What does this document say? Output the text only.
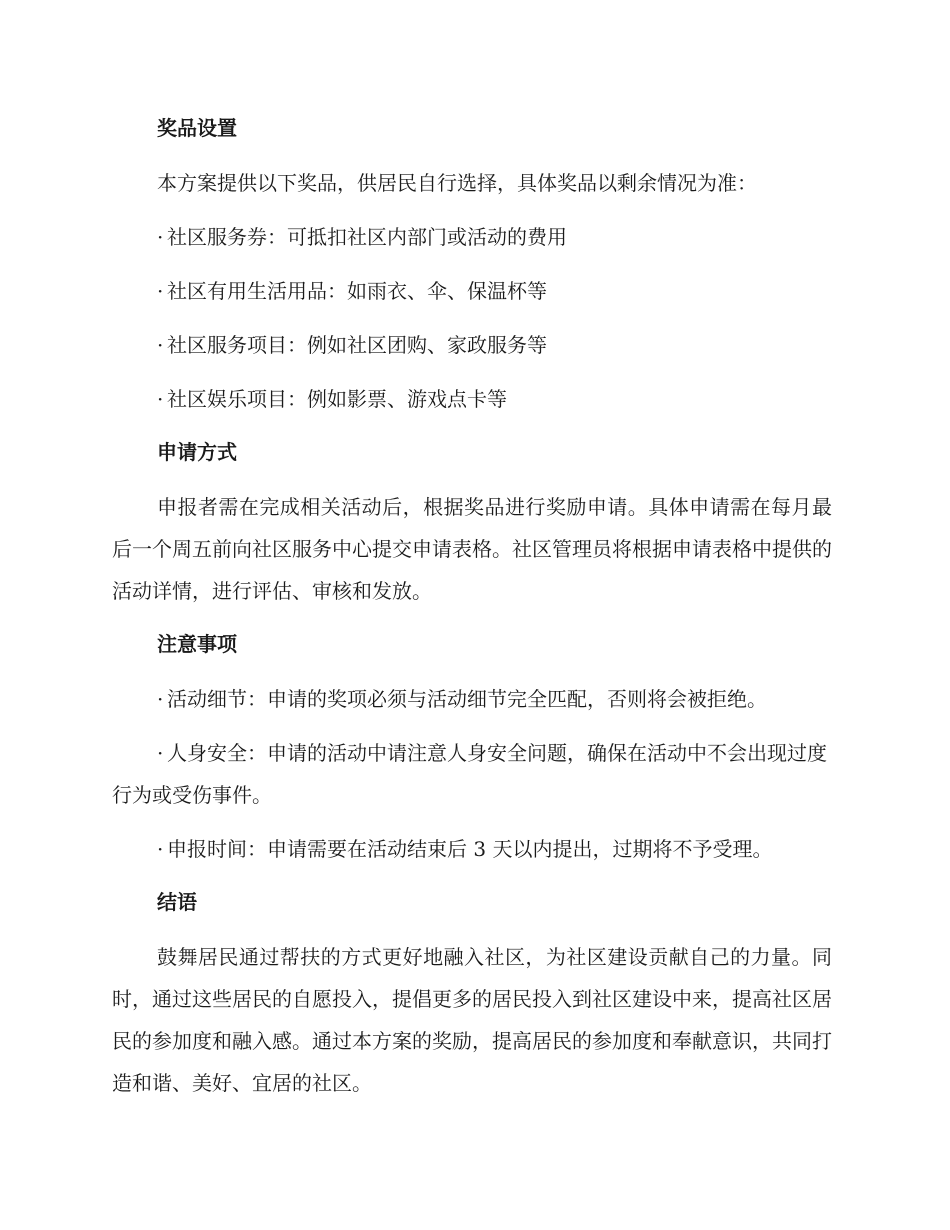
奖品设置
本方案提供以下奖品，供居民自行选择，具体奖品以剩余情况为准：
· 社区服务券：可抵扣社区内部门或活动的费用
· 社区有用生活用品：如雨衣、伞、保温杯等
· 社区服务项目：例如社区团购、家政服务等
· 社区娱乐项目：例如影票、游戏点卡等
申请方式
申报者需在完成相关活动后，根据奖品进行奖励申请。具体申请需在每月最后一个周五前向社区服务中心提交申请表格。社区管理员将根据申请表格中提供的活动详情，进行评估、审核和发放。
注意事项
· 活动细节：申请的奖项必须与活动细节完全匹配，否则将会被拒绝。
· 人身安全：申请的活动中请注意人身安全问题，确保在活动中不会出现过度行为或受伤事件。
· 申报时间：申请需要在活动结束后 3 天以内提出，过期将不予受理。
结语
鼓舞居民通过帮扶的方式更好地融入社区，为社区建设贡献自己的力量。同时，通过这些居民的自愿投入，提倡更多的居民投入到社区建设中来，提高社区居民的参加度和融入感。通过本方案的奖励，提高居民的参加度和奉献意识，共同打造和谐、美好、宜居的社区。
